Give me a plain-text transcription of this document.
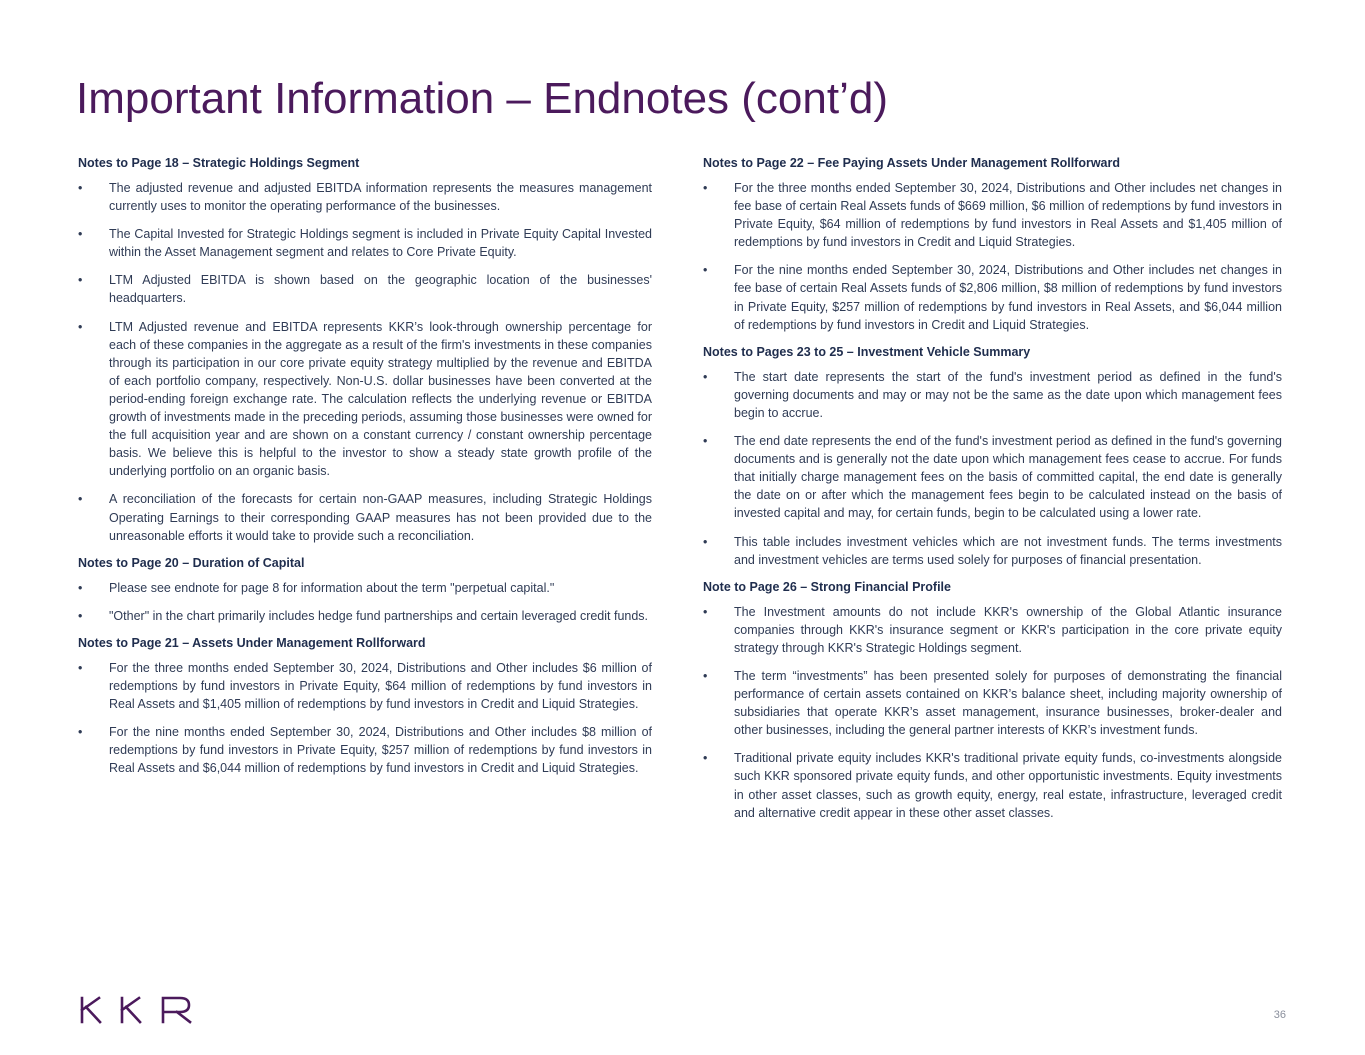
Important Information – Endnotes (cont’d)
Notes to Page 18 – Strategic Holdings Segment
•	The adjusted revenue and adjusted EBITDA information represents the measures management currently uses to monitor the operating performance of the businesses.
•	The Capital Invested for Strategic Holdings segment is included in Private Equity Capital Invested within the Asset Management segment and relates to Core Private Equity.
•	LTM Adjusted EBITDA is shown based on the geographic location of the businesses' headquarters.
•	LTM Adjusted revenue and EBITDA represents KKR’s look-through ownership percentage for each of these companies in the aggregate as a result of the firm's investments in these companies through its participation in our core private equity strategy multiplied by the revenue and EBITDA of each portfolio company, respectively. Non-U.S. dollar businesses have been converted at the period-ending foreign exchange rate. The calculation reflects the underlying revenue or EBITDA growth of investments made in the preceding periods, assuming those businesses were owned for the full acquisition year and are shown on a constant currency / constant ownership percentage basis. We believe this is helpful to the investor to show a steady state growth profile of the underlying portfolio on an organic basis.
•	A reconciliation of the forecasts for certain non-GAAP measures, including Strategic Holdings Operating Earnings to their corresponding GAAP measures has not been provided due to the unreasonable efforts it would take to provide such a reconciliation.
Notes to Page 20 – Duration of Capital
•	Please see endnote for page 8 for information about the term "perpetual capital."
•	"Other" in the chart primarily includes hedge fund partnerships and certain leveraged credit funds.
Notes to Page 21 – Assets Under Management Rollforward
•	For the three months ended September 30, 2024, Distributions and Other includes $6 million of redemptions by fund investors in Private Equity, $64 million of redemptions by fund investors in Real Assets and $1,405 million of redemptions by fund investors in Credit and Liquid Strategies.
•	For the nine months ended September 30, 2024, Distributions and Other includes $8 million of redemptions by fund investors in Private Equity, $257 million of redemptions by fund investors in Real Assets and $6,044 million of redemptions by fund investors in Credit and Liquid Strategies.
Notes to Page 22 – Fee Paying Assets Under Management Rollforward
•	For the three months ended September 30, 2024, Distributions and Other includes net changes in fee base of certain Real Assets funds of $669 million, $6 million of redemptions by fund investors in Private Equity, $64 million of redemptions by fund investors in Real Assets and $1,405 million of redemptions by fund investors in Credit and Liquid Strategies.
•	For the nine months ended September 30, 2024, Distributions and Other includes net changes in fee base of certain Real Assets funds of $2,806 million, $8 million of redemptions by fund investors in Private Equity, $257 million of redemptions by fund investors in Real Assets, and $6,044 million of redemptions by fund investors in Credit and Liquid Strategies.
Notes to Pages 23 to 25 – Investment Vehicle Summary
•	The start date represents the start of the fund's investment period as defined in the fund's governing documents and may or may not be the same as the date upon which management fees begin to accrue.
•	The end date represents the end of the fund's investment period as defined in the fund's governing documents and is generally not the date upon which management fees cease to accrue. For funds that initially charge management fees on the basis of committed capital, the end date is generally the date on or after which the management fees begin to be calculated instead on the basis of invested capital and may, for certain funds, begin to be calculated using a lower rate.
•	This table includes investment vehicles which are not investment funds. The terms investments and investment vehicles are terms used solely for purposes of financial presentation.
Note to Page 26 – Strong Financial Profile
•	The Investment amounts do not include KKR's ownership of the Global Atlantic insurance companies through KKR's insurance segment or KKR's participation in the core private equity strategy through KKR's Strategic Holdings segment.
•	The term “investments” has been presented solely for purposes of demonstrating the financial performance of certain assets contained on KKR’s balance sheet, including majority ownership of subsidiaries that operate KKR’s asset management, insurance businesses, broker-dealer and other businesses, including the general partner interests of KKR’s investment funds.
•	Traditional private equity includes KKR's traditional private equity funds, co-investments alongside such KKR sponsored private equity funds, and other opportunistic investments. Equity investments in other asset classes, such as growth equity, energy, real estate, infrastructure, leveraged credit and alternative credit appear in these other asset classes.
36
